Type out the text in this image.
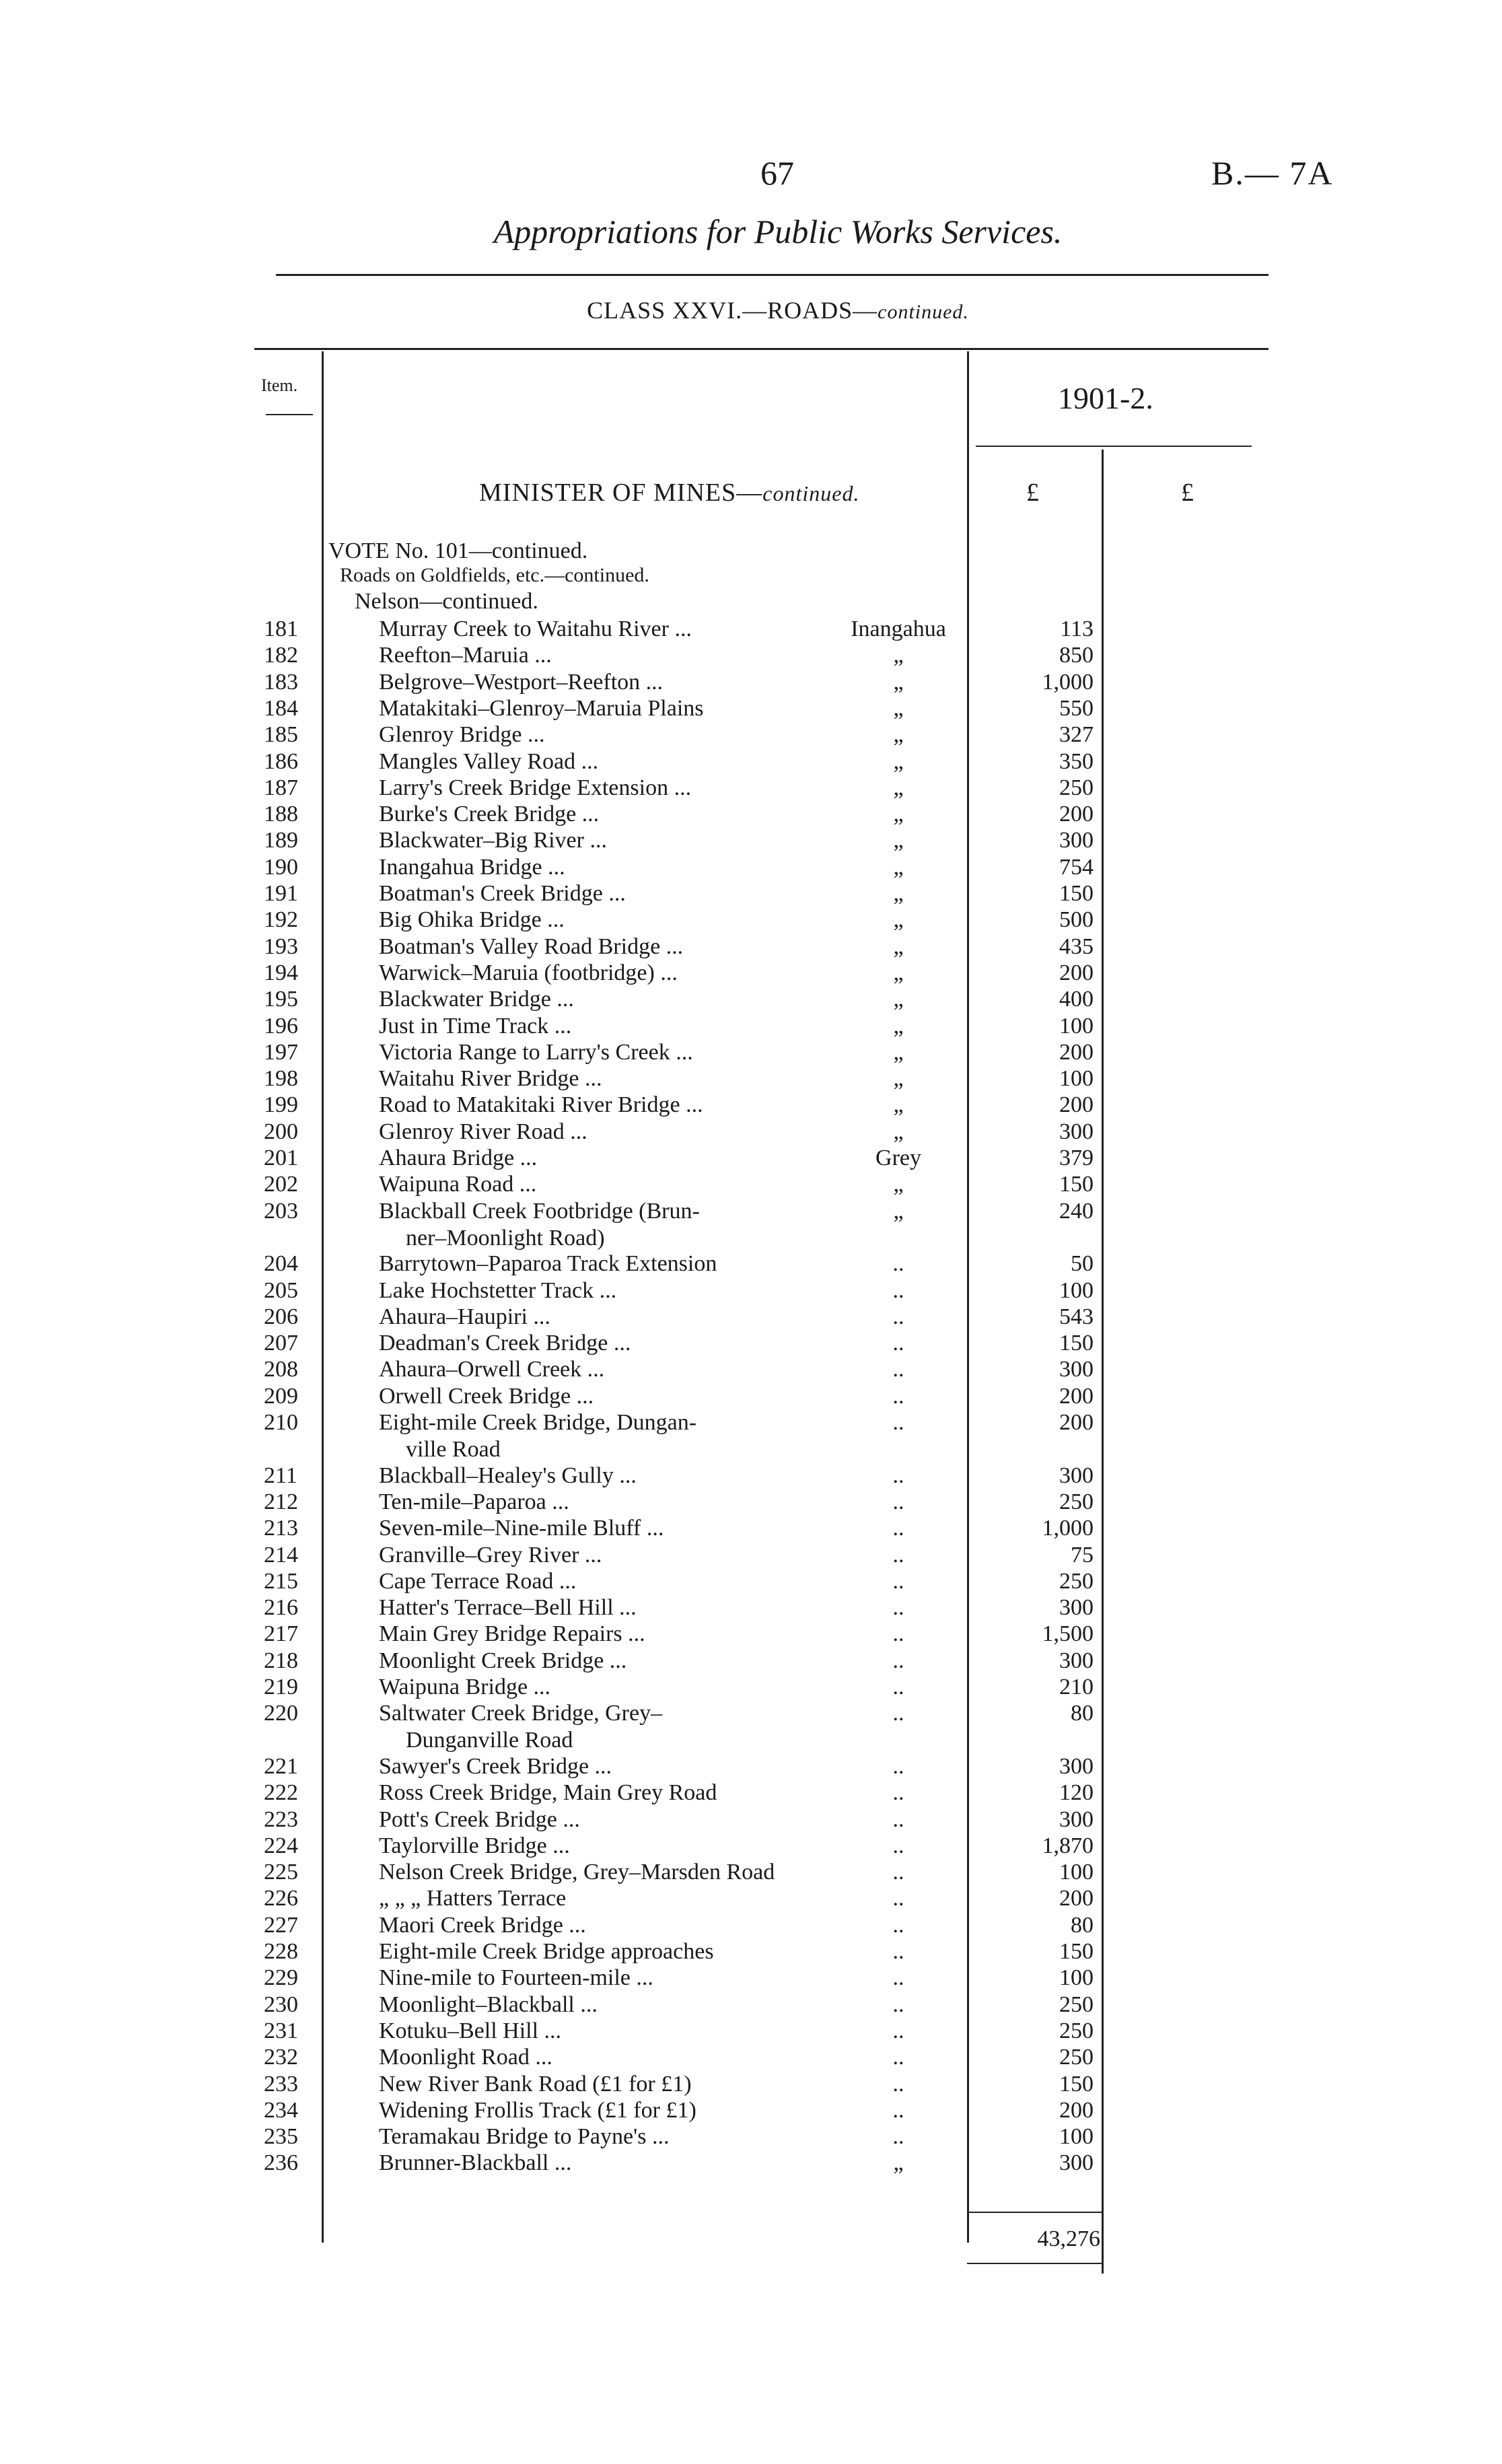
67	B.— 7A
Appropriations for Public Works Services.
CLASS XXVI.—ROADS—continued.
Item.	1901-2.
MINISTER OF MINES—continued.	£	£
VOTE No. 101—continued.
Roads on Goldfields, etc.—continued.
Nelson—continued.
181	Murray Creek to Waitahu River ...	Inangahua	113
182	Reefton–Maruia ...	„	850
183	Belgrove–Westport–Reefton ...	„	1,000
184	Matakitaki–Glenroy–Maruia Plains	„	550
185	Glenroy Bridge ...	„	327
186	Mangles Valley Road ...	„	350
187	Larry's Creek Bridge Extension ...	„	250
188	Burke's Creek Bridge ...	„	200
189	Blackwater–Big River ...	„	300
190	Inangahua Bridge ...	„	754
191	Boatman's Creek Bridge ...	„	150
192	Big Ohika Bridge ...	„	500
193	Boatman's Valley Road Bridge ...	„	435
194	Warwick–Maruia (footbridge) ...	„	200
195	Blackwater Bridge ...	„	400
196	Just in Time Track ...	„	100
197	Victoria Range to Larry's Creek ...	„	200
198	Waitahu River Bridge ...	„	100
199	Road to Matakitaki River Bridge ...	„	200
200	Glenroy River Road ...	„	300
201	Ahaura Bridge ...	Grey	379
202	Waipuna Road ...	„	150
203	Blackball Creek Footbridge (Brun-	„	240
ner–Moonlight Road)
204	Barrytown–Paparoa Track Extension	..	50
205	Lake Hochstetter Track ...	..	100
206	Ahaura–Haupiri ...	..	543
207	Deadman's Creek Bridge ...	..	150
208	Ahaura–Orwell Creek ...	..	300
209	Orwell Creek Bridge ...	..	200
210	Eight-mile Creek Bridge, Dungan-	..	200
ville Road
211	Blackball–Healey's Gully ...	..	300
212	Ten-mile–Paparoa ...	..	250
213	Seven-mile–Nine-mile Bluff ...	..	1,000
214	Granville–Grey River ...	..	75
215	Cape Terrace Road ...	..	250
216	Hatter's Terrace–Bell Hill ...	..	300
217	Main Grey Bridge Repairs ...	..	1,500
218	Moonlight Creek Bridge ...	..	300
219	Waipuna Bridge ...	..	210
220	Saltwater Creek Bridge, Grey–	..	80
Dunganville Road
221	Sawyer's Creek Bridge ...	..	300
222	Ross Creek Bridge, Main Grey Road	..	120
223	Pott's Creek Bridge ...	..	300
224	Taylorville Bridge ...	..	1,870
225	Nelson Creek Bridge, Grey–Marsden Road	..	100
226	„ „ „ Hatters Terrace	..	200
227	Maori Creek Bridge ...	..	80
228	Eight-mile Creek Bridge approaches	..	150
229	Nine-mile to Fourteen-mile ...	..	100
230	Moonlight–Blackball ...	..	250
231	Kotuku–Bell Hill ...	..	250
232	Moonlight Road ...	..	250
233	New River Bank Road (£1 for £1)	..	150
234	Widening Frollis Track (£1 for £1)	..	200
235	Teramakau Bridge to Payne's ...	..	100
236	Brunner-Blackball ...	„	300
43,276
